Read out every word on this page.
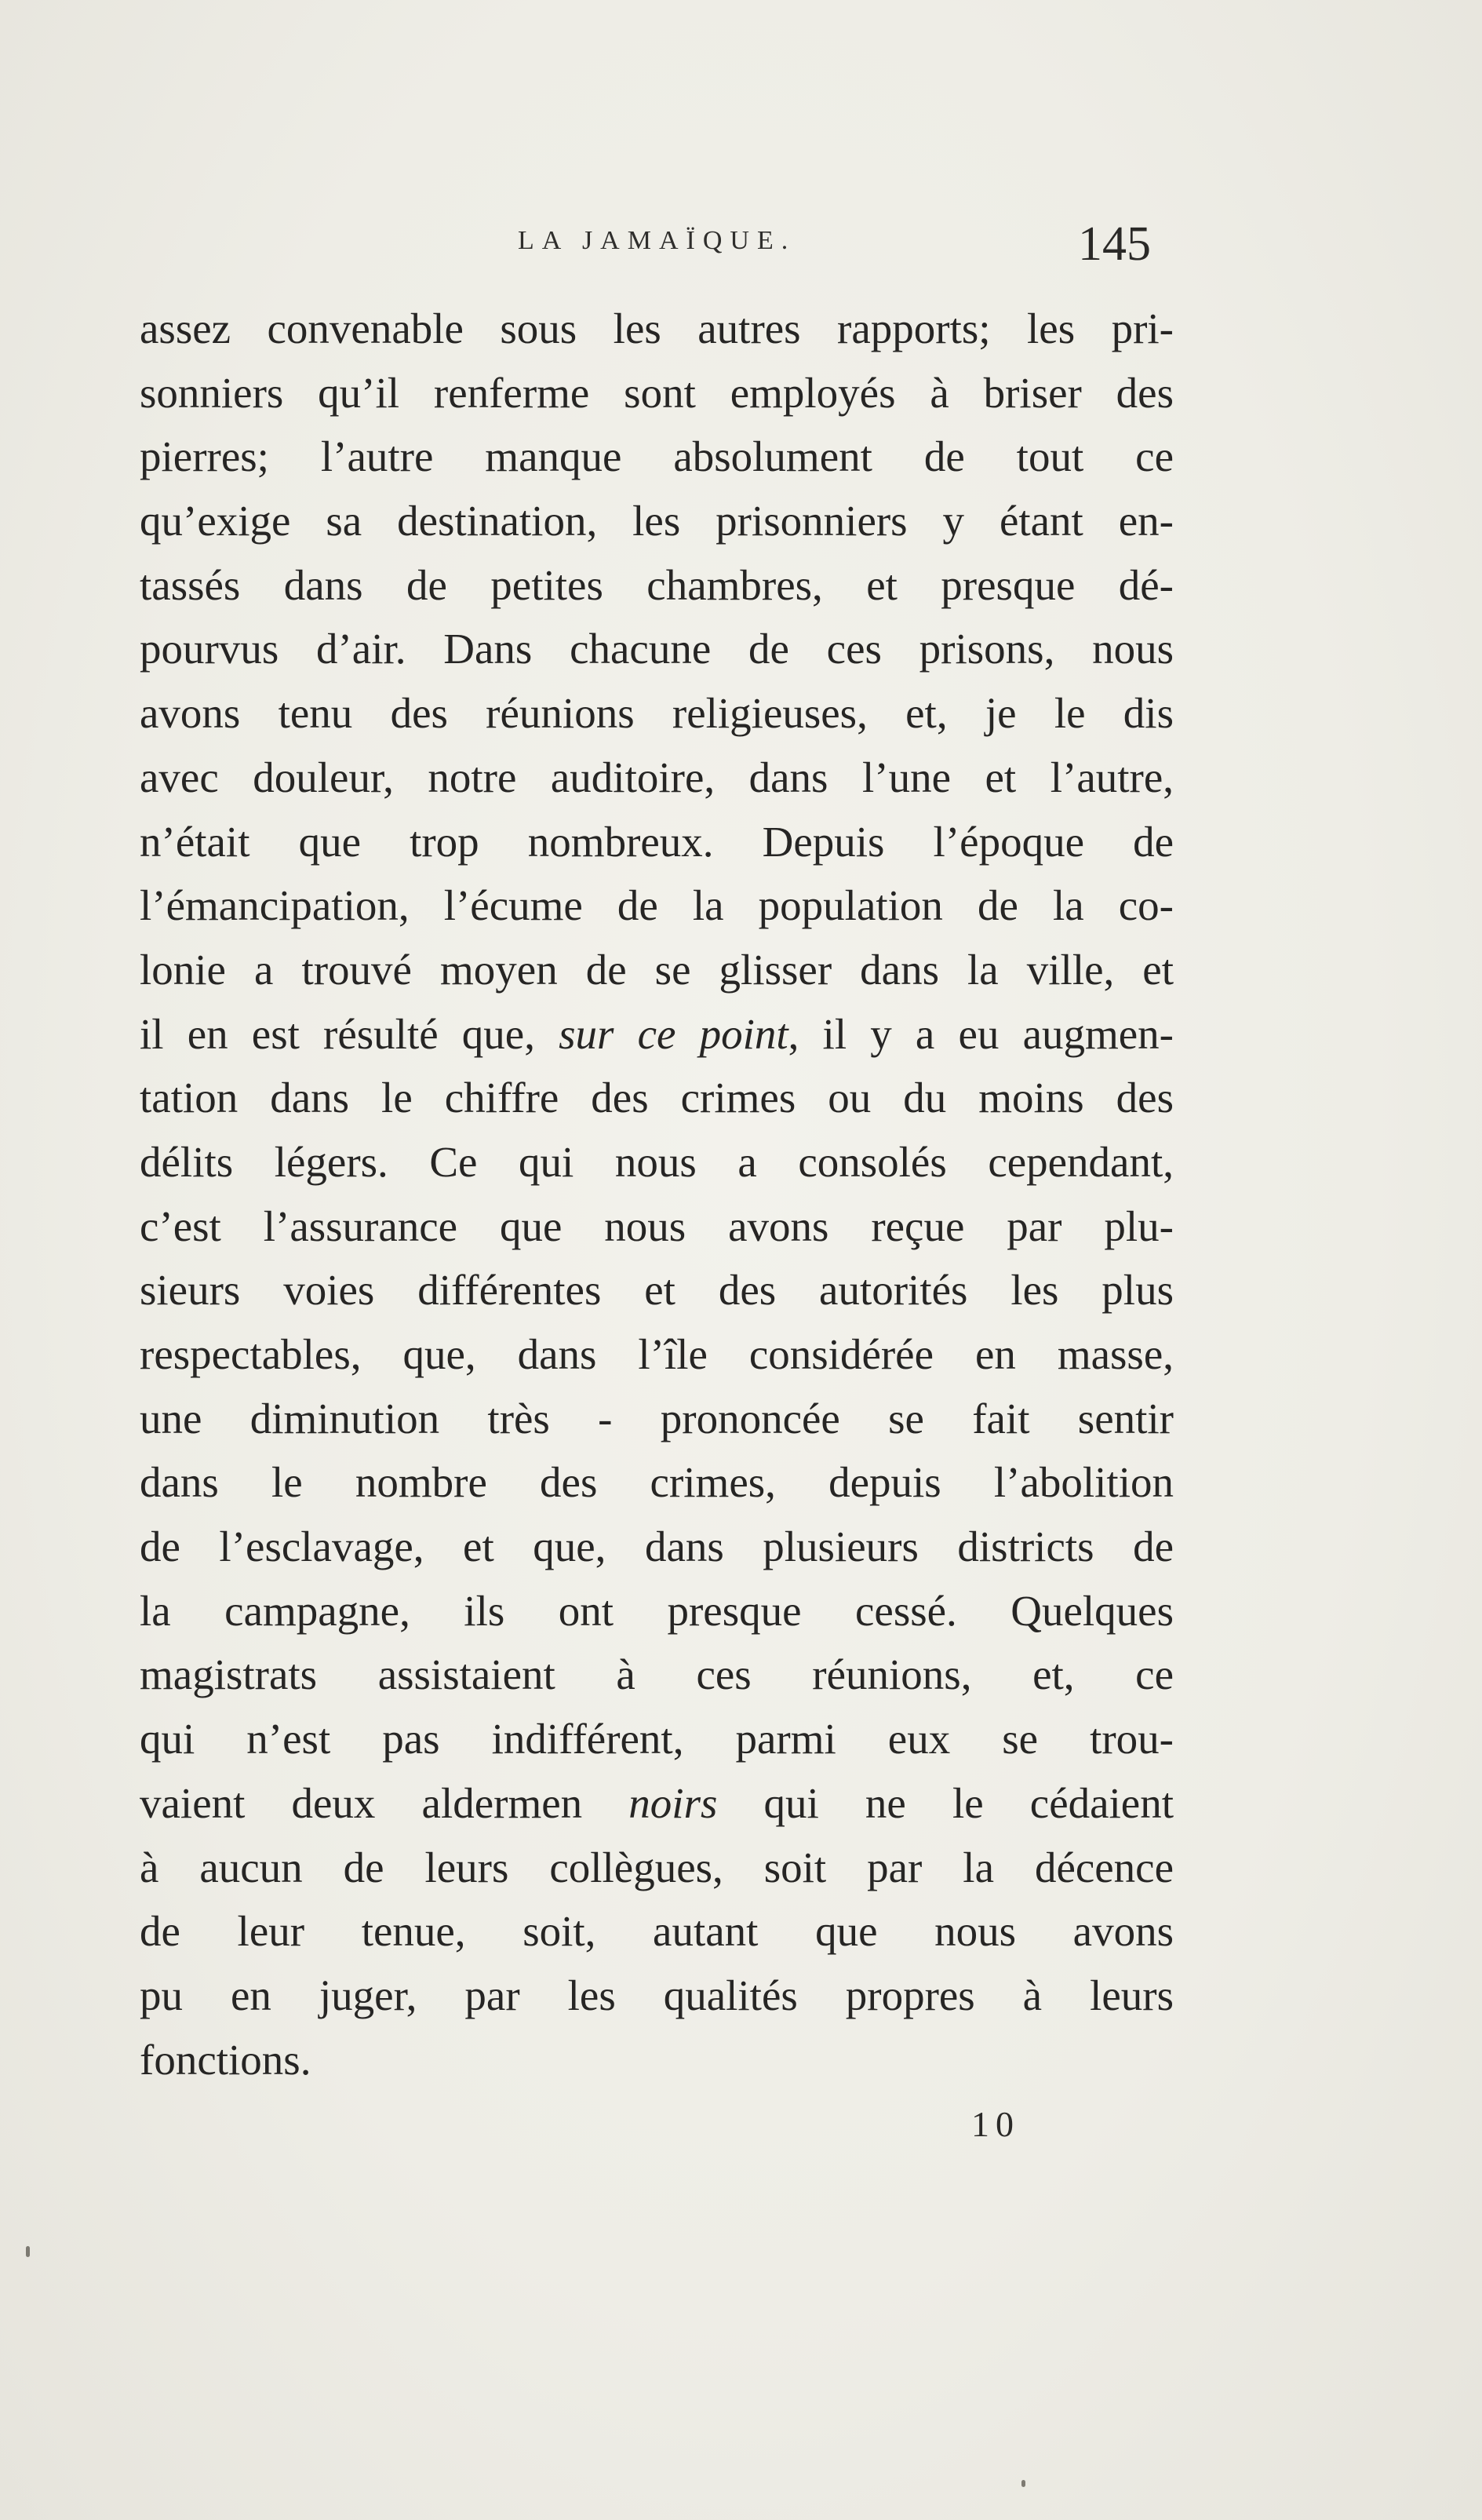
LA JAMAÏQUE.	145
assez convenable sous les autres rapports; les pri-
sonniers qu’il renferme sont employés à briser des
pierres; l’autre manque absolument de tout ce
qu’exige sa destination, les prisonniers y étant en-
tassés dans de petites chambres, et presque dé-
pourvus d’air. Dans chacune de ces prisons, nous
avons tenu des réunions religieuses, et, je le dis
avec douleur, notre auditoire, dans l’une et l’autre,
n’était que trop nombreux. Depuis l’époque de
l’émancipation, l’écume de la population de la co-
lonie a trouvé moyen de se glisser dans la ville, et
il en est résulté que, sur ce point, il y a eu augmen-
tation dans le chiffre des crimes ou du moins des
délits légers. Ce qui nous a consolés cependant,
c’est l’assurance que nous avons reçue par plu-
sieurs voies différentes et des autorités les plus
respectables, que, dans l’île considérée en masse,
une diminution très - prononcée se fait sentir
dans le nombre des crimes, depuis l’abolition
de l’esclavage, et que, dans plusieurs districts de
la campagne, ils ont presque cessé. Quelques
magistrats assistaient à ces réunions, et, ce
qui n’est pas indifférent, parmi eux se trou-
vaient deux aldermen noirs qui ne le cédaient
à aucun de leurs collègues, soit par la décence
de leur tenue, soit, autant que nous avons
pu en juger, par les qualités propres à leurs
fonctions.
10
